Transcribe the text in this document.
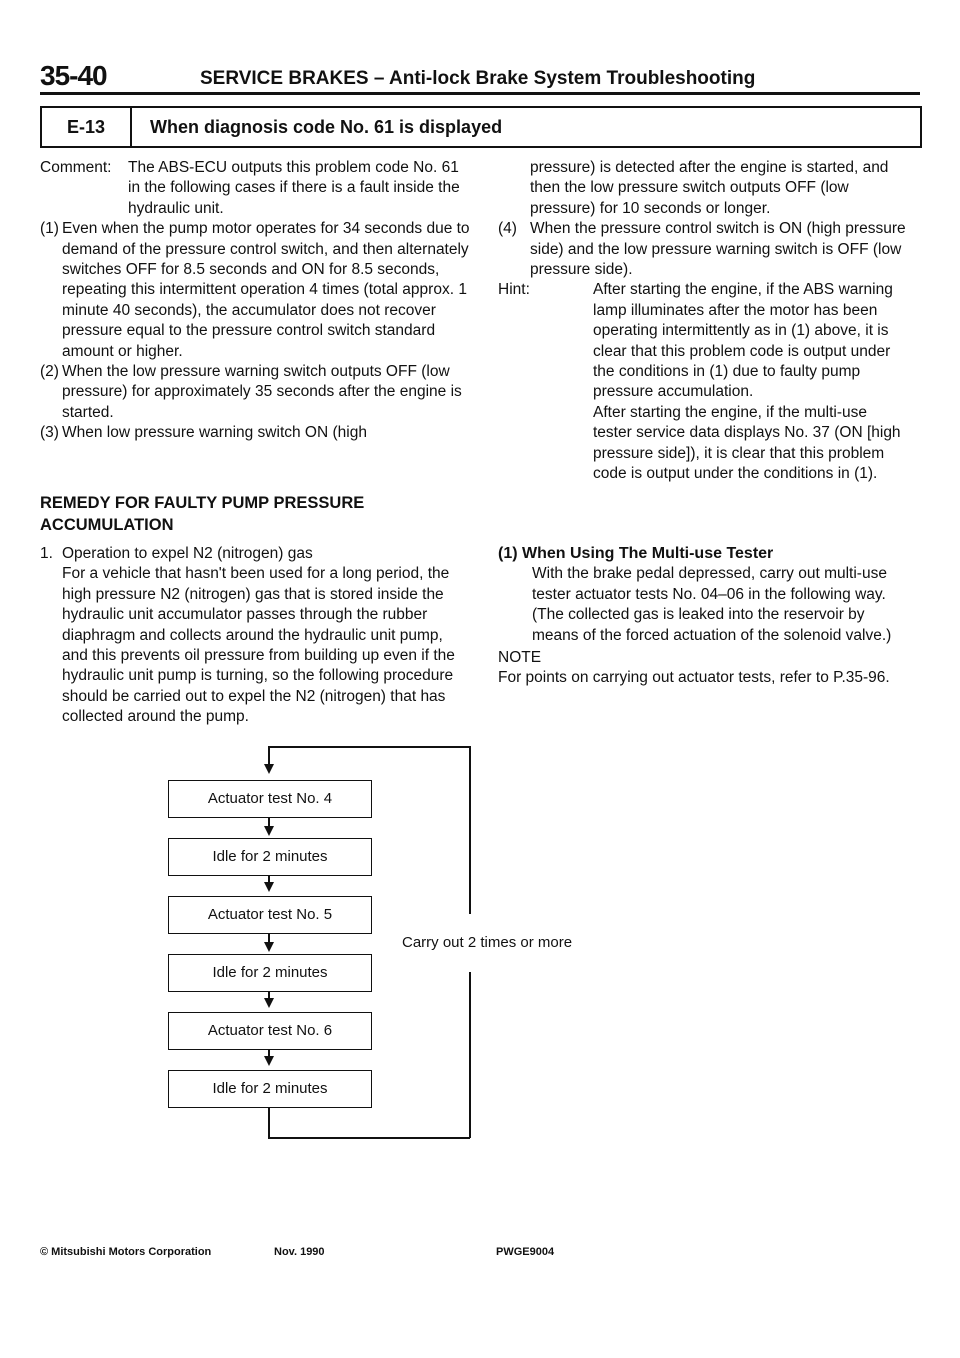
35-40	SERVICE BRAKES – Anti-lock Brake System Troubleshooting
E-13	When diagnosis code No. 61 is displayed
Comment: The ABS-ECU outputs this problem code No. 61 in the following cases if there is a fault inside the hydraulic unit.
(1) Even when the pump motor operates for 34 seconds due to demand of the pressure control switch, and then alternately switches OFF for 8.5 seconds and ON for 8.5 seconds, repeating this intermittent operation 4 times (total approx. 1 minute 40 seconds), the accumulator does not recover pressure equal to the pressure control switch standard amount or higher.
(2) When the low pressure warning switch outputs OFF (low pressure) for approximately 35 seconds after the engine is started.
(3) When low pressure warning switch ON (high
pressure) is detected after the engine is started, and then the low pressure switch outputs OFF (low pressure) for 10 seconds or longer.
(4) When the pressure control switch is ON (high pressure side) and the low pressure warning switch is OFF (low pressure side).
Hint:	After starting the engine, if the ABS warning lamp illuminates after the motor has been operating intermittently as in (1) above, it is clear that this problem code is output under the conditions in (1) due to faulty pump pressure accumulation.
After starting the engine, if the multi-use tester service data displays No. 37 (ON [high pressure side]), it is clear that this problem code is output under the conditions in (1).
REMEDY FOR FAULTY PUMP PRESSURE ACCUMULATION
1. Operation to expel N2 (nitrogen) gas
For a vehicle that hasn't been used for a long period, the high pressure N2 (nitrogen) gas that is stored inside the hydraulic unit accumulator passes through the rubber diaphragm and collects around the hydraulic unit pump, and this prevents oil pressure from building up even if the hydraulic unit pump is turning, so the following procedure should be carried out to expel the N2 (nitrogen) that has collected around the pump.
(1) When Using The Multi-use Tester
With the brake pedal depressed, carry out multi-use tester actuator tests No. 04–06 in the following way. (The collected gas is leaked into the reservoir by means of the forced actuation of the solenoid valve.)
NOTE
For points on carrying out actuator tests, refer to P.35-96.
Actuator test No. 4
Idle for 2 minutes
Actuator test No. 5
Idle for 2 minutes
Actuator test No. 6
Idle for 2 minutes
Carry out 2 times or more
© Mitsubishi Motors Corporation	Nov. 1990	PWGE9004
